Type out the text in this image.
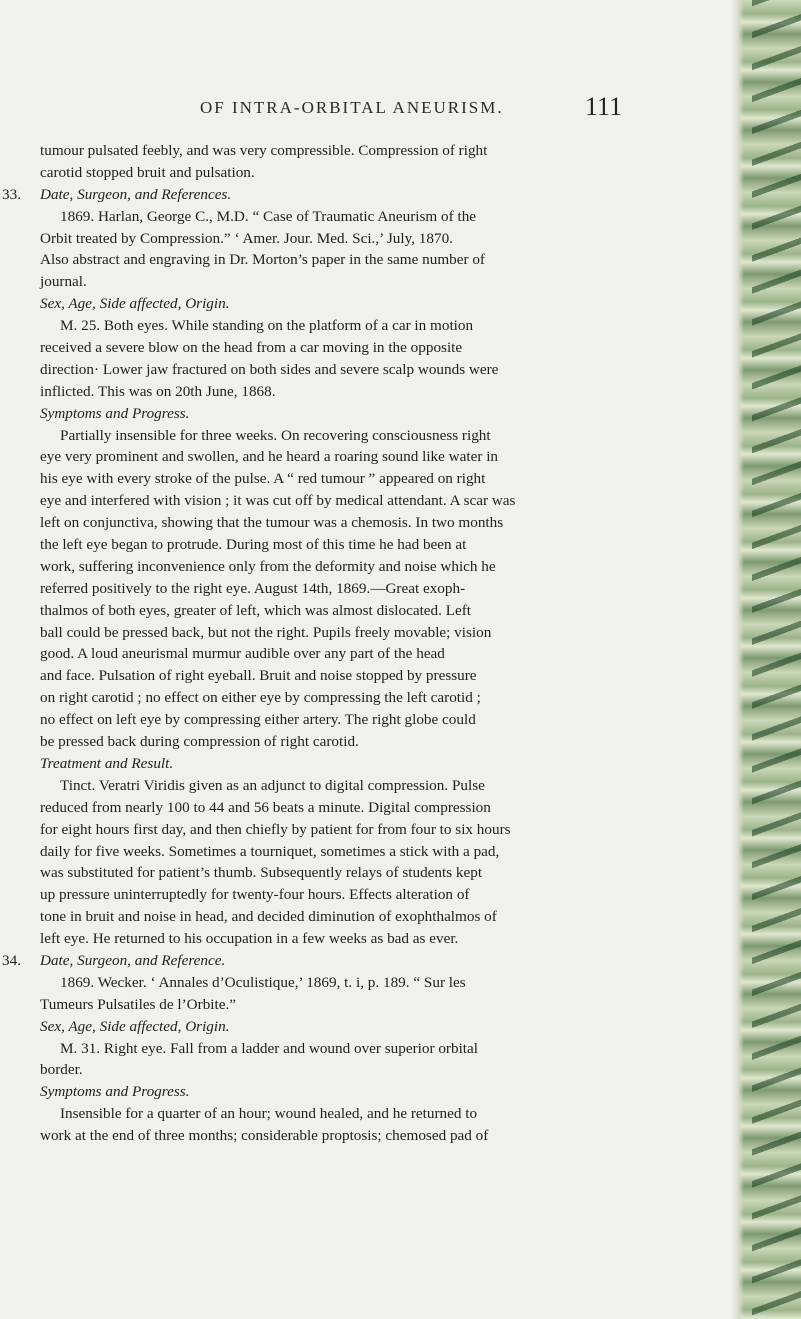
OF INTRA-ORBITAL ANEURISM.	111
tumour pulsated feebly, and was very compressible. Compression of right
carotid stopped bruit and pulsation.
33. Date, Surgeon, and References.
1869. Harlan, George C., M.D. “ Case of Traumatic Aneurism of the
Orbit treated by Compression.” ‘ Amer. Jour. Med. Sci.,’ July, 1870.
Also abstract and engraving in Dr. Morton’s paper in the same number of
journal.
Sex, Age, Side affected, Origin.
M. 25. Both eyes. While standing on the platform of a car in motion
received a severe blow on the head from a car moving in the opposite
direction· Lower jaw fractured on both sides and severe scalp wounds were
inflicted. This was on 20th June, 1868.
Symptoms and Progress.
Partially insensible for three weeks. On recovering consciousness right
eye very prominent and swollen, and he heard a roaring sound like water in
his eye with every stroke of the pulse. A “ red tumour ” appeared on right
eye and interfered with vision ; it was cut off by medical attendant. A scar was
left on conjunctiva, showing that the tumour was a chemosis. In two months
the left eye began to protrude. During most of this time he had been at
work, suffering inconvenience only from the deformity and noise which he
referred positively to the right eye. August 14th, 1869.—Great exoph-
thalmos of both eyes, greater of left, which was almost dislocated. Left
ball could be pressed back, but not the right. Pupils freely movable; vision
good. A loud aneurismal murmur audible over any part of the head
and face. Pulsation of right eyeball. Bruit and noise stopped by pressure
on right carotid ; no effect on either eye by compressing the left carotid ;
no effect on left eye by compressing either artery. The right globe could
be pressed back during compression of right carotid.
Treatment and Result.
Tinct. Veratri Viridis given as an adjunct to digital compression. Pulse
reduced from nearly 100 to 44 and 56 beats a minute. Digital compression
for eight hours first day, and then chiefly by patient for from four to six hours
daily for five weeks. Sometimes a tourniquet, sometimes a stick with a pad,
was substituted for patient’s thumb. Subsequently relays of students kept
up pressure uninterruptedly for twenty-four hours. Effects alteration of
tone in bruit and noise in head, and decided diminution of exophthalmos of
left eye. He returned to his occupation in a few weeks as bad as ever.
34. Date, Surgeon, and Reference.
1869. Wecker. ‘ Annales d’Oculistique,’ 1869, t. i, p. 189. “ Sur les
Tumeurs Pulsatiles de l’Orbite.”
Sex, Age, Side affected, Origin.
M. 31. Right eye. Fall from a ladder and wound over superior orbital
border.
Symptoms and Progress.
Insensible for a quarter of an hour; wound healed, and he returned to
work at the end of three months; considerable proptosis; chemosed pad of
